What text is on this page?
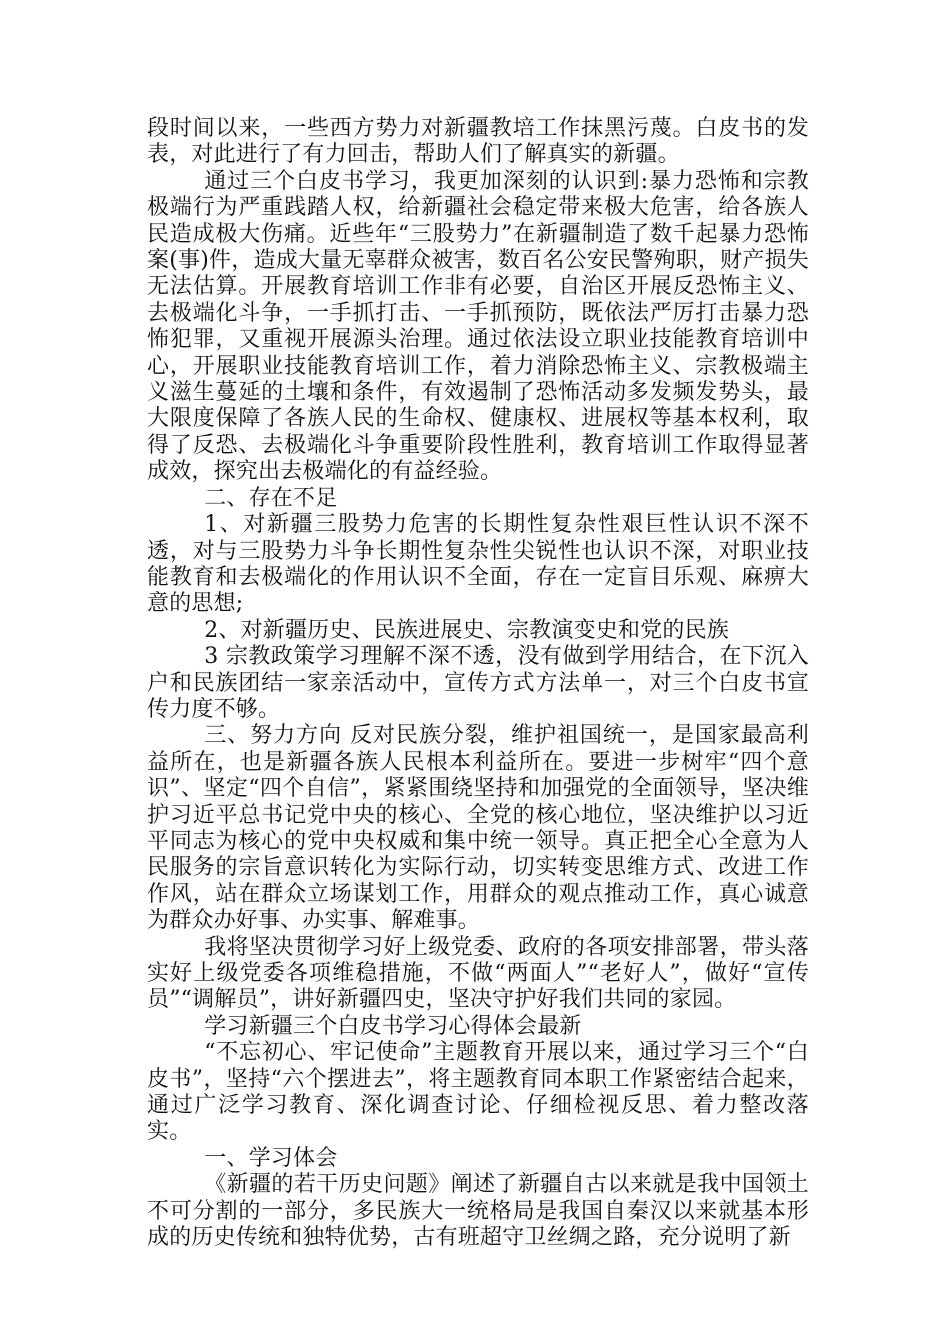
段时间以来，一些西方势力对新疆教培工作抹黑污蔑。白皮书的发表，对此进行了有力回击，帮助人们了解真实的新疆。

通过三个白皮书学习，我更加深刻的认识到:暴力恐怖和宗教极端行为严重践踏人权，给新疆社会稳定带来极大危害，给各族人民造成极大伤痛。近些年“三股势力”在新疆制造了数千起暴力恐怖案(事)件，造成大量无辜群众被害，数百名公安民警殉职，财产损失无法估算。开展教育培训工作非有必要，自治区开展反恐怖主义、去极端化斗争，一手抓打击、一手抓预防，既依法严厉打击暴力恐怖犯罪，又重视开展源头治理。通过依法设立职业技能教育培训中心，开展职业技能教育培训工作，着力消除恐怖主义、宗教极端主义滋生蔓延的土壤和条件，有效遏制了恐怖活动多发频发势头，最大限度保障了各族人民的生命权、健康权、进展权等基本权利，取得了反恐、去极端化斗争重要阶段性胜利，教育培训工作取得显著成效，探究出去极端化的有益经验。

二、存在不足

1、对新疆三股势力危害的长期性复杂性艰巨性认识不深不透，对与三股势力斗争长期性复杂性尖锐性也认识不深，对职业技能教育和去极端化的作用认识不全面，存在一定盲目乐观、麻痹大意的思想;

2、对新疆历史、民族进展史、宗教演变史和党的民族

3 宗教政策学习理解不深不透，没有做到学用结合，在下沉入户和民族团结一家亲活动中，宣传方式方法单一，对三个白皮书宣传力度不够。

三、努力方向 反对民族分裂，维护祖国统一，是国家最高利益所在，也是新疆各族人民根本利益所在。要进一步树牢“四个意识”、坚定“四个自信”，紧紧围绕坚持和加强党的全面领导，坚决维护习近平总书记党中央的核心、全党的核心地位，坚决维护以习近平同志为核心的党中央权威和集中统一领导。真正把全心全意为人民服务的宗旨意识转化为实际行动，切实转变思维方式、改进工作作风，站在群众立场谋划工作，用群众的观点推动工作，真心诚意为群众办好事、办实事、解难事。

我将坚决贯彻学习好上级党委、政府的各项安排部署，带头落实好上级党委各项维稳措施，不做“两面人”“老好人”，做好“宣传员”“调解员”，讲好新疆四史，坚决守护好我们共同的家园。

学习新疆三个白皮书学习心得体会最新

“不忘初心、牢记使命”主题教育开展以来，通过学习三个“白皮书”，坚持“六个摆进去”，将主题教育同本职工作紧密结合起来，通过广泛学习教育、深化调查讨论、仔细检视反思、着力整改落实。

一、学习体会

《新疆的若干历史问题》阐述了新疆自古以来就是我中国领土不可分割的一部分，多民族大一统格局是我国自秦汉以来就基本形成的历史传统和独特优势，古有班超守卫丝绸之路，充分说明了新
